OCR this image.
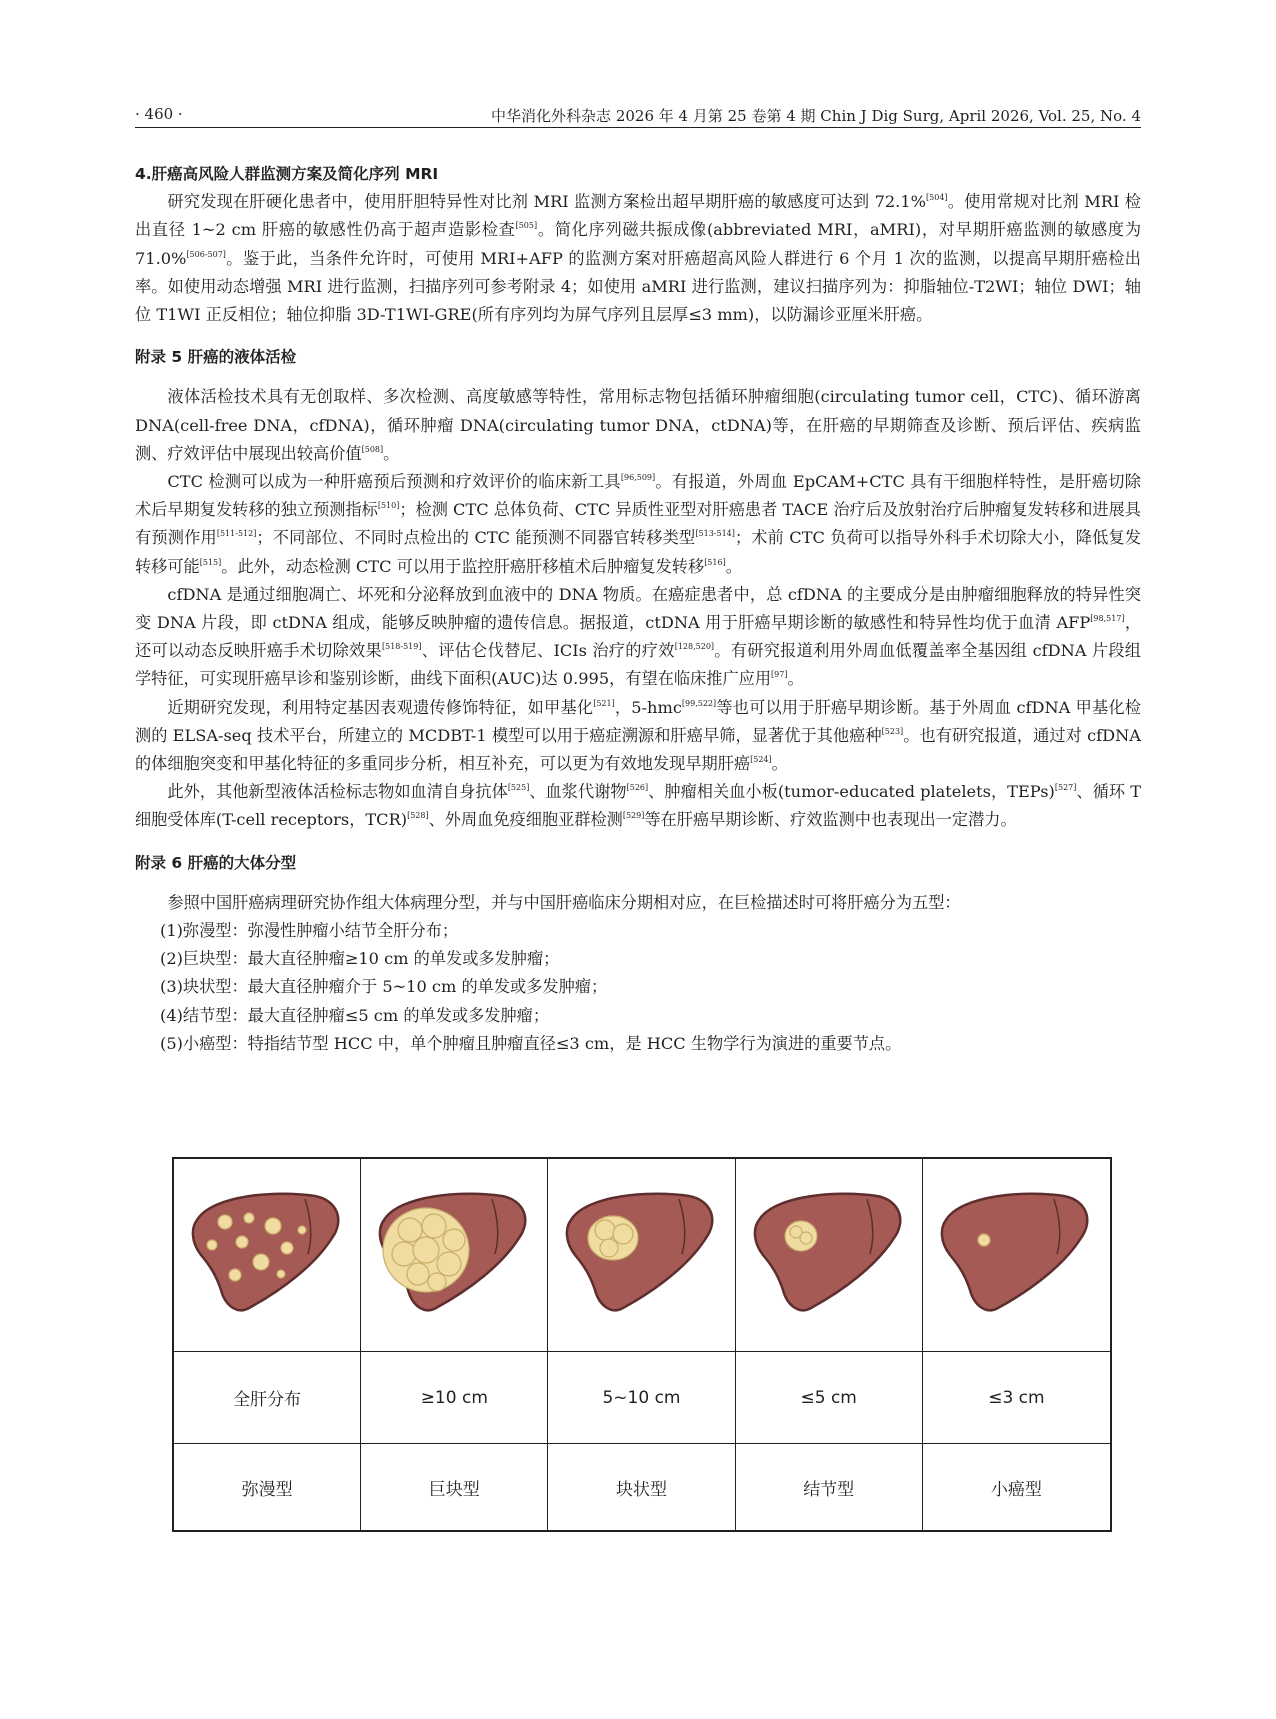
· 460 ·	中华消化外科杂志 2026 年 4 月第 25 卷第 4 期 Chin J Dig Surg, April 2026, Vol. 25, No. 4

4.肝癌高风险人群监测方案及简化序列 MRI

研究发现在肝硬化患者中，使用肝胆特异性对比剂 MRI 监测方案检出超早期肝癌的敏感度可达到 72.1%[504]。使用常规对比剂 MRI 检出直径 1~2 cm 肝癌的敏感性仍高于超声造影检查[505]。简化序列磁共振成像(abbreviated MRI，aMRI)，对早期肝癌监测的敏感度为 71.0%[506-507]。鉴于此，当条件允许时，可使用 MRI+AFP 的监测方案对肝癌超高风险人群进行 6 个月 1 次的监测，以提高早期肝癌检出率。如使用动态增强 MRI 进行监测，扫描序列可参考附录 4；如使用 aMRI 进行监测，建议扫描序列为：抑脂轴位-T2WI；轴位 DWI；轴位 T1WI 正反相位；轴位抑脂 3D-T1WI-GRE(所有序列均为屏气序列且层厚≤3 mm)，以防漏诊亚厘米肝癌。

附录 5 肝癌的液体活检

液体活检技术具有无创取样、多次检测、高度敏感等特性，常用标志物包括循环肿瘤细胞(circulating tumor cell，CTC)、循环游离 DNA(cell-free DNA，cfDNA)，循环肿瘤 DNA(circulating tumor DNA，ctDNA)等，在肝癌的早期筛查及诊断、预后评估、疾病监测、疗效评估中展现出较高价值[508]。

CTC 检测可以成为一种肝癌预后预测和疗效评价的临床新工具[96,509]。有报道，外周血 EpCAM+CTC 具有干细胞样特性，是肝癌切除术后早期复发转移的独立预测指标[510]；检测 CTC 总体负荷、CTC 异质性亚型对肝癌患者 TACE 治疗后及放射治疗后肿瘤复发转移和进展具有预测作用[511-512]；不同部位、不同时点检出的 CTC 能预测不同器官转移类型[513-514]；术前 CTC 负荷可以指导外科手术切除大小，降低复发转移可能[515]。此外，动态检测 CTC 可以用于监控肝癌肝移植术后肿瘤复发转移[516]。

cfDNA 是通过细胞凋亡、坏死和分泌释放到血液中的 DNA 物质。在癌症患者中，总 cfDNA 的主要成分是由肿瘤细胞释放的特异性突变 DNA 片段，即 ctDNA 组成，能够反映肿瘤的遗传信息。据报道，ctDNA 用于肝癌早期诊断的敏感性和特异性均优于血清 AFP[98,517]，还可以动态反映肝癌手术切除效果[518-519]、评估仑伐替尼、ICIs 治疗的疗效[128,520]。有研究报道利用外周血低覆盖率全基因组 cfDNA 片段组学特征，可实现肝癌早诊和鉴别诊断，曲线下面积(AUC)达 0.995，有望在临床推广应用[97]。

近期研究发现，利用特定基因表观遗传修饰特征，如甲基化[521]，5-hmc[99,522]等也可以用于肝癌早期诊断。基于外周血 cfDNA 甲基化检测的 ELSA-seq 技术平台，所建立的 MCDBT-1 模型可以用于癌症溯源和肝癌早筛，显著优于其他癌种[523]。也有研究报道，通过对 cfDNA 的体细胞突变和甲基化特征的多重同步分析，相互补充，可以更为有效地发现早期肝癌[524]。

此外，其他新型液体活检标志物如血清自身抗体[525]、血浆代谢物[526]、肿瘤相关血小板(tumor-educated platelets，TEPs)[527]、循环 T 细胞受体库(T-cell receptors，TCR)[528]、外周血免疫细胞亚群检测[529]等在肝癌早期诊断、疗效监测中也表现出一定潜力。

附录 6 肝癌的大体分型

参照中国肝癌病理研究协作组大体病理分型，并与中国肝癌临床分期相对应，在巨检描述时可将肝癌分为五型：

(1)弥漫型：弥漫性肿瘤小结节全肝分布；

(2)巨块型：最大直径肿瘤≥10 cm 的单发或多发肿瘤；

(3)块状型：最大直径肿瘤介于 5~10 cm 的单发或多发肿瘤；

(4)结节型：最大直径肿瘤≤5 cm 的单发或多发肿瘤；

(5)小癌型：特指结节型 HCC 中，单个肿瘤且肿瘤直径≤3 cm，是 HCC 生物学行为演进的重要节点。

全肝分布	≥10 cm	5~10 cm	≤5 cm	≤3 cm
弥漫型	巨块型	块状型	结节型	小癌型
